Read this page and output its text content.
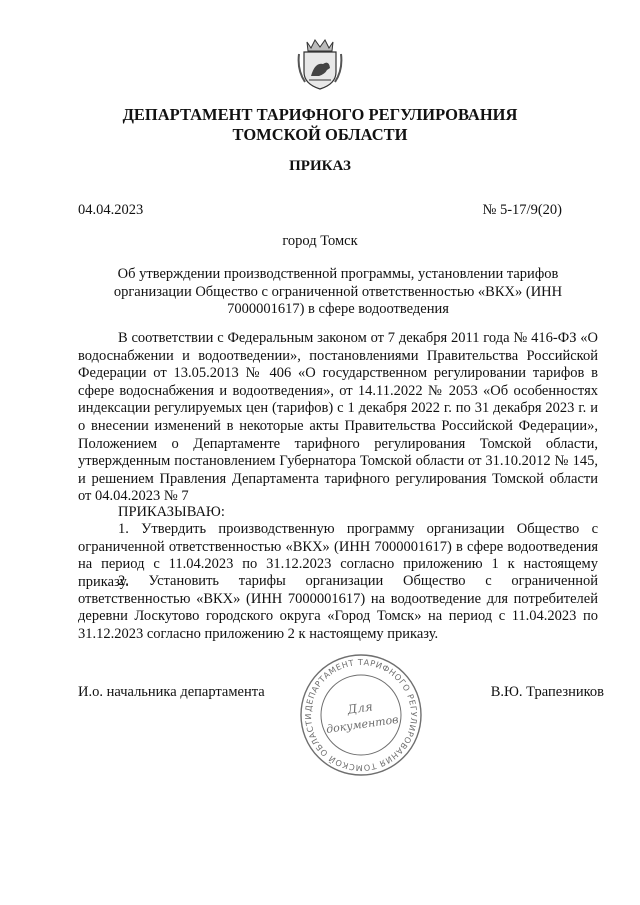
ДЕПАРТАМЕНТ ТАРИФНОГО РЕГУЛИРОВАНИЯ
ТОМСКОЙ ОБЛАСТИ
ПРИКАЗ
04.04.2023	№ 5-17/9(20)
город Томск
Об утверждении производственной программы, установлении тарифов организации Общество с ограниченной ответственностью «ВКХ» (ИНН 7000001617) в сфере водоотведения
В соответствии с Федеральным законом от 7 декабря 2011 года № 416-ФЗ «О водоснабжении и водоотведении», постановлениями Правительства Российской Федерации от 13.05.2013 № 406 «О государственном регулировании тарифов в сфере водоснабжения и водоотведения», от 14.11.2022 № 2053 «Об особенностях индексации регулируемых цен (тарифов) с 1 декабря 2022 г. по 31 декабря 2023 г. и о внесении изменений в некоторые акты Правительства Российской Федерации», Положением о Департаменте тарифного регулирования Томской области, утвержденным постановлением Губернатора Томской области от 31.10.2012 № 145, и решением Правления Департамента тарифного регулирования Томской области от 04.04.2023 № 7
ПРИКАЗЫВАЮ:
1. Утвердить производственную программу организации Общество с ограниченной ответственностью «ВКХ» (ИНН 7000001617) в сфере водоотведения на период с 11.04.2023 по 31.12.2023 согласно приложению 1 к настоящему приказу.
2. Установить тарифы организации Общество с ограниченной ответственностью «ВКХ» (ИНН 7000001617) на водоотведение для потребителей деревни Лоскутово городского округа «Город Томск» на период с 11.04.2023 по 31.12.2023 согласно приложению 2 к настоящему приказу.
И.о. начальника департамента	В.Ю. Трапезников
ДЕПАРТАМЕНТ ТАРИФНОГО РЕГУЛИРОВАНИЯ ТОМСКОЙ ОБЛАСТИ	Для
документов
